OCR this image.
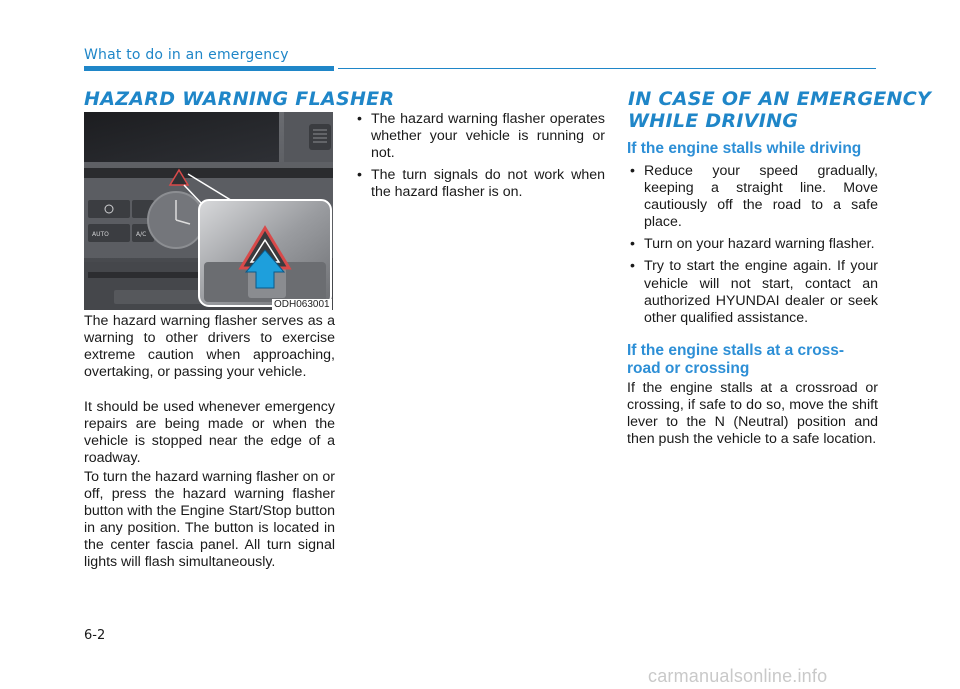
What to do in an emergency
HAZARD WARNING FLASHER
AUTO	A/C
ODH063001

The hazard warning flasher serves as a warning to other drivers to exercise extreme caution when approaching, overtaking, or passing your vehicle.

It should be used whenever emergency repairs are being made or when the vehicle is stopped near the edge of a roadway.

To turn the hazard warning flasher on or off, press the hazard warning flasher button with the Engine Start/Stop button in any position. The button is located in the center fascia panel. All turn signal lights will flash simultaneously.

• The hazard warning flasher operates whether your vehicle is running or not.
• The turn signals do not work when the hazard flasher is on.
IN CASE OF AN EMERGENCY
WHILE DRIVING
If the engine stalls while driving
• Reduce your speed gradually, keeping a straight line. Move cautiously off the road to a safe place.
• Turn on your hazard warning flasher.
• Try to start the engine again. If your vehicle will not start, contact an authorized HYUNDAI dealer or seek other qualified assistance.
If the engine stalls at a cross-
road or crossing

If the engine stalls at a crossroad or crossing, if safe to do so, move the shift lever to the N (Neutral) position and then push the vehicle to a safe location.

6-2
carmanualsonline.info
